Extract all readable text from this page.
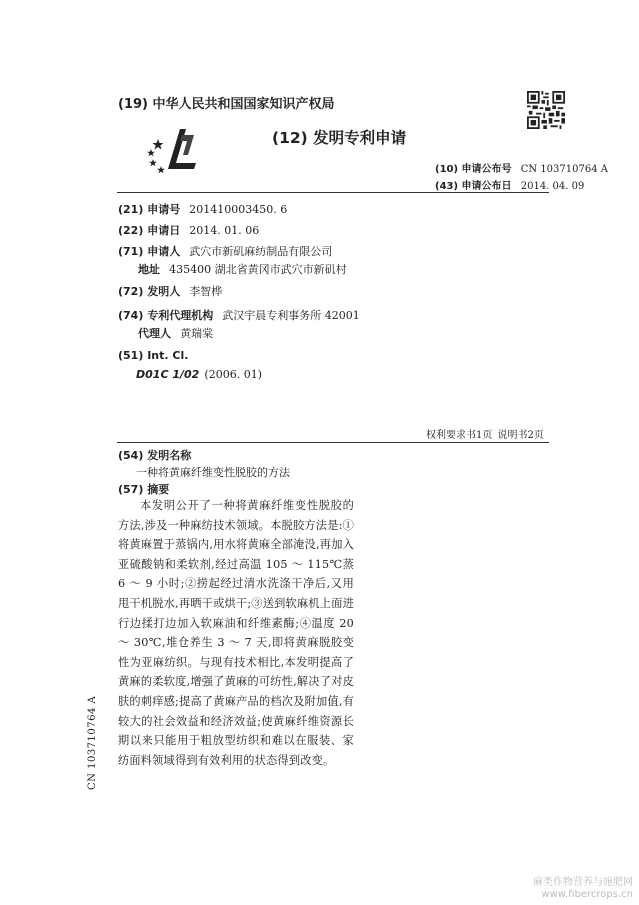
(19) 中华人民共和国国家知识产权局
(12) 发明专利申请
(10) 申请公布号 CN 103710764 A
(43) 申请公布日 2014. 04. 09
(21) 申请号 201410003450. 6
(22) 申请日 2014. 01. 06
(71) 申请人 武穴市新矶麻纺制品有限公司
地址 435400 湖北省黄冈市武穴市新矶村
(72) 发明人 李智桦
(74) 专利代理机构 武汉宇晨专利事务所 42001
代理人 黄瑞棠
(51) Int. Cl.
D01C 1/02 (2006. 01)
权利要求书1页 说明书2页
(54) 发明名称
一种将黄麻纤维变性脱胶的方法
(57) 摘要
本发明公开了一种将黄麻纤维变性脱胶的方法,涉及一种麻纺技术领域。本脱胶方法是:①将黄麻置于蒸锅内,用水将黄麻全部淹没,再加入亚硫酸钠和柔软剂,经过高温 105 ～ 115℃蒸 6 ～ 9 小时;②捞起经过清水洗涤干净后,又用甩干机脱水,再晒干或烘干;③送到软麻机上面进行边揉打边加入软麻油和纤维素酶;④温度 20 ～ 30℃,堆仓养生 3 ～ 7 天,即将黄麻脱胶变性为亚麻纺织。与现有技术相比,本发明提高了黄麻的柔软度,增强了黄麻的可纺性,解决了对皮肤的刺痒感;提高了黄麻产品的档次及附加值,有较大的社会效益和经济效益;使黄麻纤维资源长期以来只能用于粗放型纺织和难以在服装、家纺面料领域得到有效利用的状态得到改变。
CN 103710764 A
麻类作物营养与施肥网
www.fibercrops.cn
